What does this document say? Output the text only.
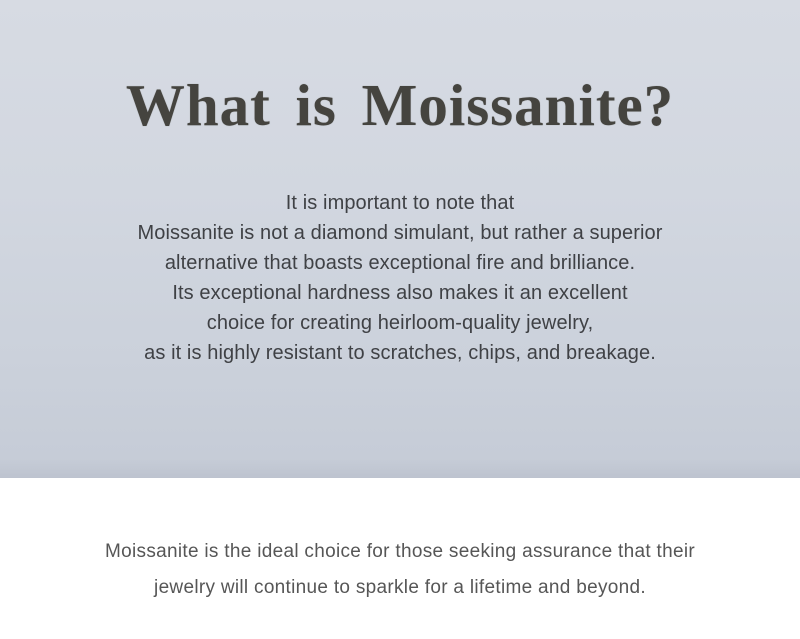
What is Moissanite?
It is important to note that
Moissanite is not a diamond simulant, but rather a superior
alternative that boasts exceptional fire and brilliance.
Its exceptional hardness also makes it an excellent
choice for creating heirloom-quality jewelry,
as it is highly resistant to scratches, chips, and breakage.
Moissanite is the ideal choice for those seeking assurance that their
jewelry will continue to sparkle for a lifetime and beyond.
